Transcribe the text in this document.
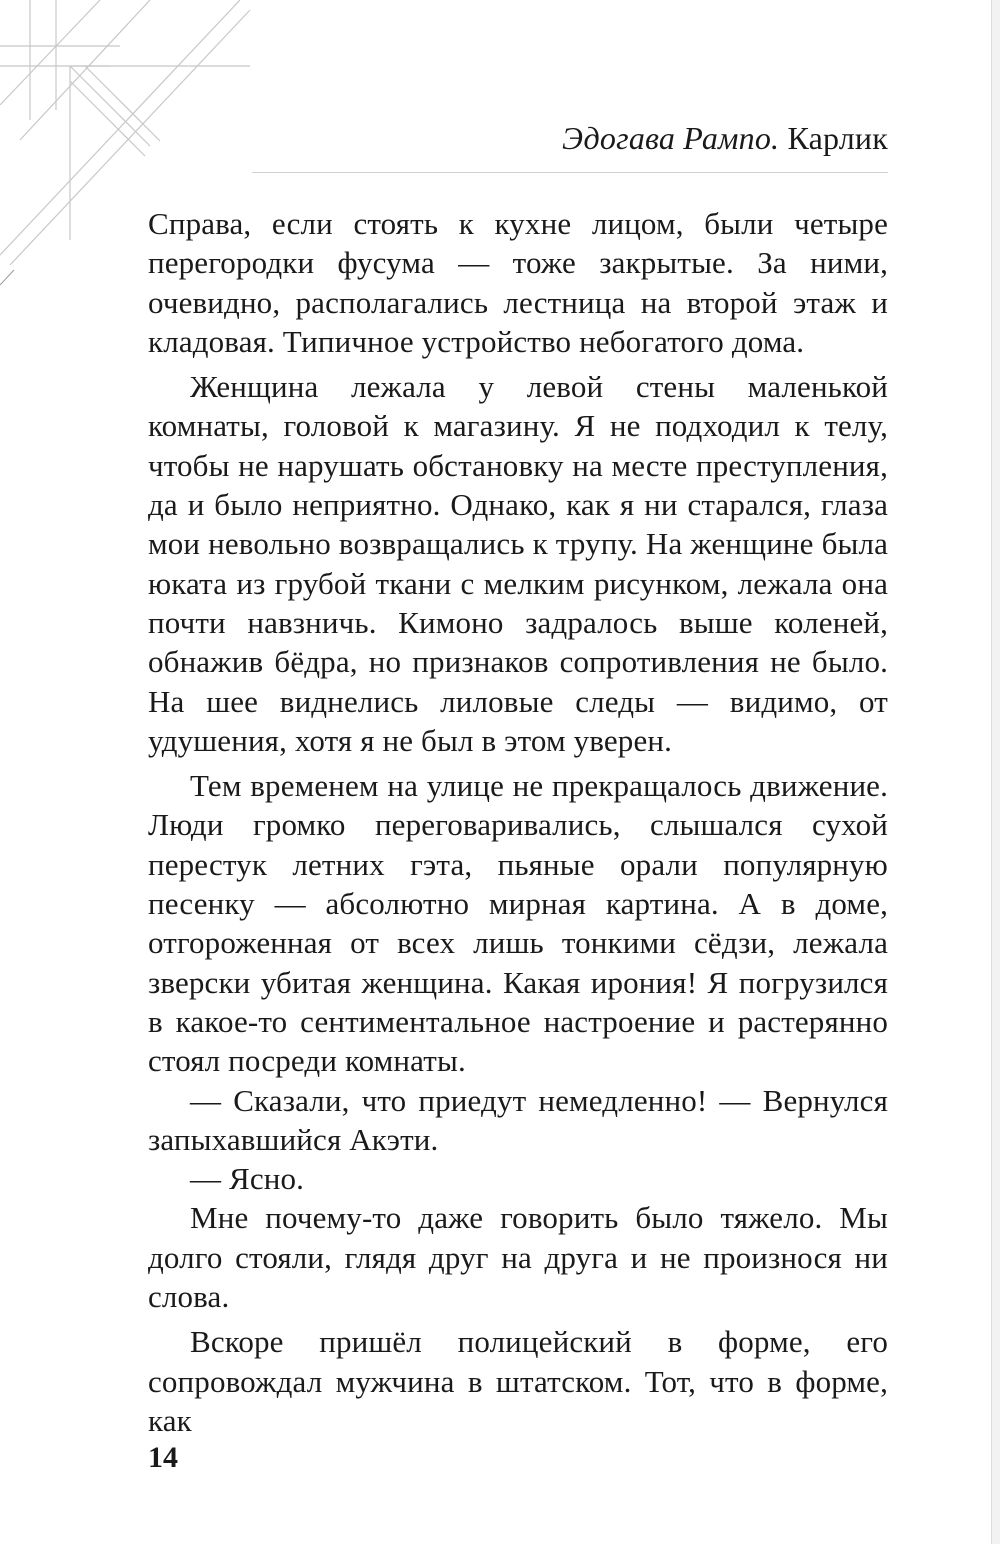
Эдогава Рампо. Карлик

Справа, если стоять к кухне лицом, были четыре перегородки фусума — тоже закрытые. За ними, очевидно, располагались лестница на второй этаж и кладовая. Типичное устройство небогатого дома.

Женщина лежала у левой стены маленькой комнаты, головой к магазину. Я не подходил к телу, чтобы не нарушать обстановку на месте преступления, да и было неприятно. Однако, как я ни старался, глаза мои невольно возвращались к трупу. На женщине была юката из грубой ткани с мелким рисунком, лежала она почти навзничь. Кимоно задралось выше коленей, обнажив бёдра, но признаков сопротивления не было. На шее виднелись лиловые следы — видимо, от удушения, хотя я не был в этом уверен.

Тем временем на улице не прекращалось движение. Люди громко переговаривались, слышался сухой перестук летних гэта, пьяные орали популярную песенку — абсолютно мирная картина. А в доме, отгороженная от всех лишь тонкими сёдзи, лежала зверски убитая женщина. Какая ирония! Я погрузился в какое-то сентиментальное настроение и растерянно стоял посреди комнаты.

— Сказали, что приедут немедленно! — Вернулся запыхавшийся Акэти.

— Ясно.

Мне почему-то даже говорить было тяжело. Мы долго стояли, глядя друг на друга и не произнося ни слова.

Вскоре пришёл полицейский в форме, его сопровождал мужчина в штатском. Тот, что в форме, как

14
